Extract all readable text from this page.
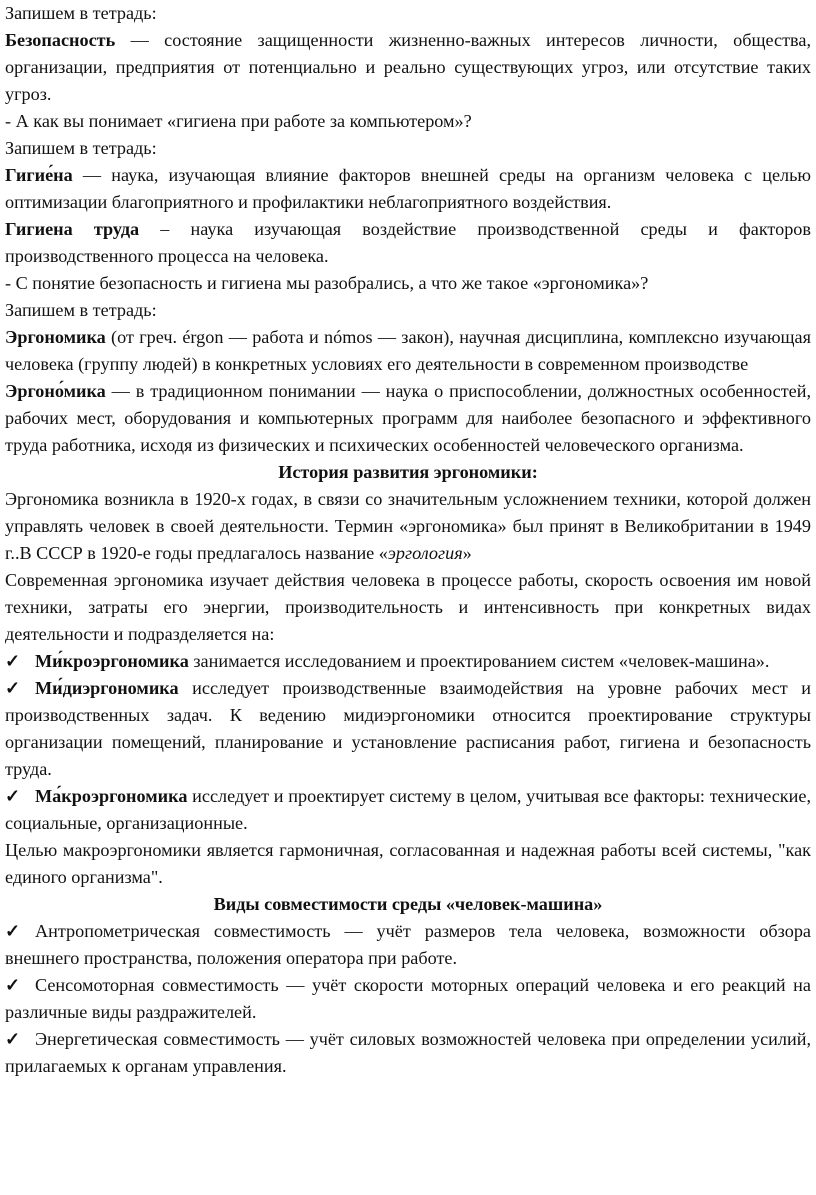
Запишем в тетрадь:

Безопасность — состояние защищенности жизненно-важных интересов личности, общества, организации, предприятия от потенциально и реально существующих угроз, или отсутствие таких угроз.

- А как вы понимает «гигиена при работе за компьютером»?

Запишем в тетрадь:

Гигие́на — наука, изучающая влияние факторов внешней среды на организм человека с целью оптимизации благоприятного и профилактики неблагоприятного воздействия.

Гигиена труда – наука изучающая воздействие производственной среды и факторов производственного процесса на человека.

- С понятие безопасность и гигиена мы разобрались, а что же такое «эргономика»?

Запишем в тетрадь:

Эргономика (от греч. érgon — работа и nómos — закон), научная дисциплина, комплексно изучающая человека (группу людей) в конкретных условиях его деятельности в современном производстве

Эргоно́мика — в традиционном понимании — наука о приспособлении, должностных особенностей, рабочих мест, оборудования и компьютерных программ для наиболее безопасного и эффективного труда работника, исходя из физических и психических особенностей человеческого организма.

История развития эргономики:

Эргономика возникла в 1920-х годах, в связи со значительным усложнением техники, которой должен управлять человек в своей деятельности. Термин «эргономика» был принят в Великобритании в 1949 г..В СССР в 1920-е годы предлагалось название «эргология»

Современная эргономика изучает действия человека в процессе работы, скорость освоения им новой техники, затраты его энергии, производительность и интенсивность при конкретных видах деятельности и подразделяется на:

✓ Ми́кроэргономика занимается исследованием и проектированием систем «человек-машина».

✓ Ми́диэргономика исследует производственные взаимодействия на уровне рабочих мест и производственных задач. К ведению мидиэргономики относится проектирование структуры организации помещений, планирование и установление расписания работ, гигиена и безопасность труда.

✓ Ма́кроэргономика исследует и проектирует систему в целом, учитывая все факторы: технические, социальные, организационные.

Целью макроэргономики является гармоничная, согласованная и надежная работы всей системы, "как единого организма".

Виды совместимости среды «человек-машина»

✓ Антропометрическая совместимость — учёт размеров тела человека, возможности обзора внешнего пространства, положения оператора при работе.

✓ Сенсомоторная совместимость — учёт скорости моторных операций человека и его реакций на различные виды раздражителей.

✓ Энергетическая совместимость — учёт силовых возможностей человека при определении усилий, прилагаемых к органам управления.
